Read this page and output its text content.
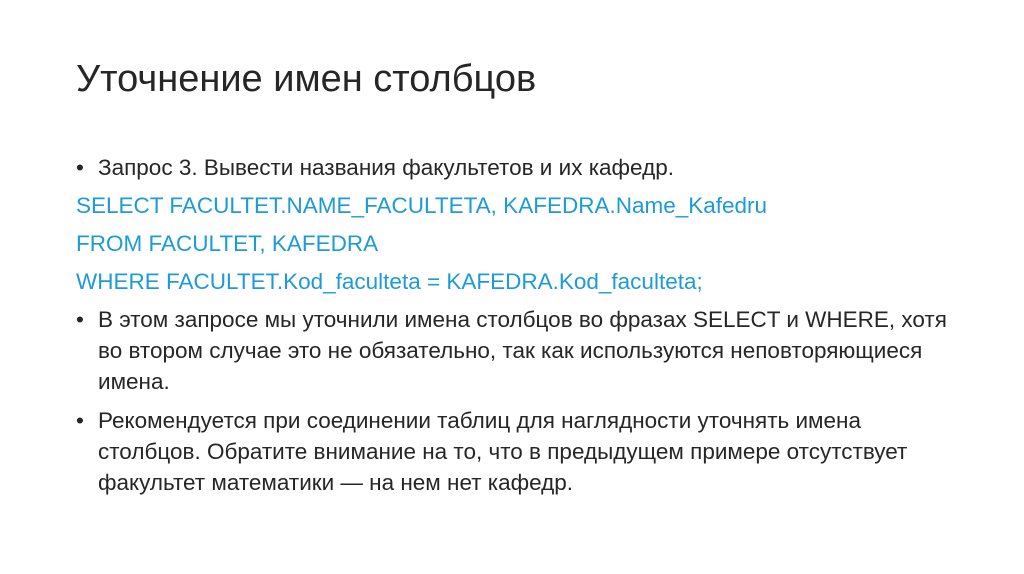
Уточнение имен столбцов
• Запрос 3. Вывести названия факультетов и их кафедр.
SELECT FACULTET.NAME_FACULTETA, KAFEDRA.Name_Kafedru
FROM FACULTET, KAFEDRA
WHERE FACULTET.Kod_faculteta = KAFEDRA.Kod_faculteta;
• В этом запросе мы уточнили имена столбцов во фразах SELECT и WHERE, хотя во втором случае это не обязательно, так как используются неповторяющиеся имена.
• Рекомендуется при соединении таблиц для наглядности уточнять имена столбцов. Обратите внимание на то, что в предыдущем примере отсутствует факультет математики — на нем нет кафедр.
